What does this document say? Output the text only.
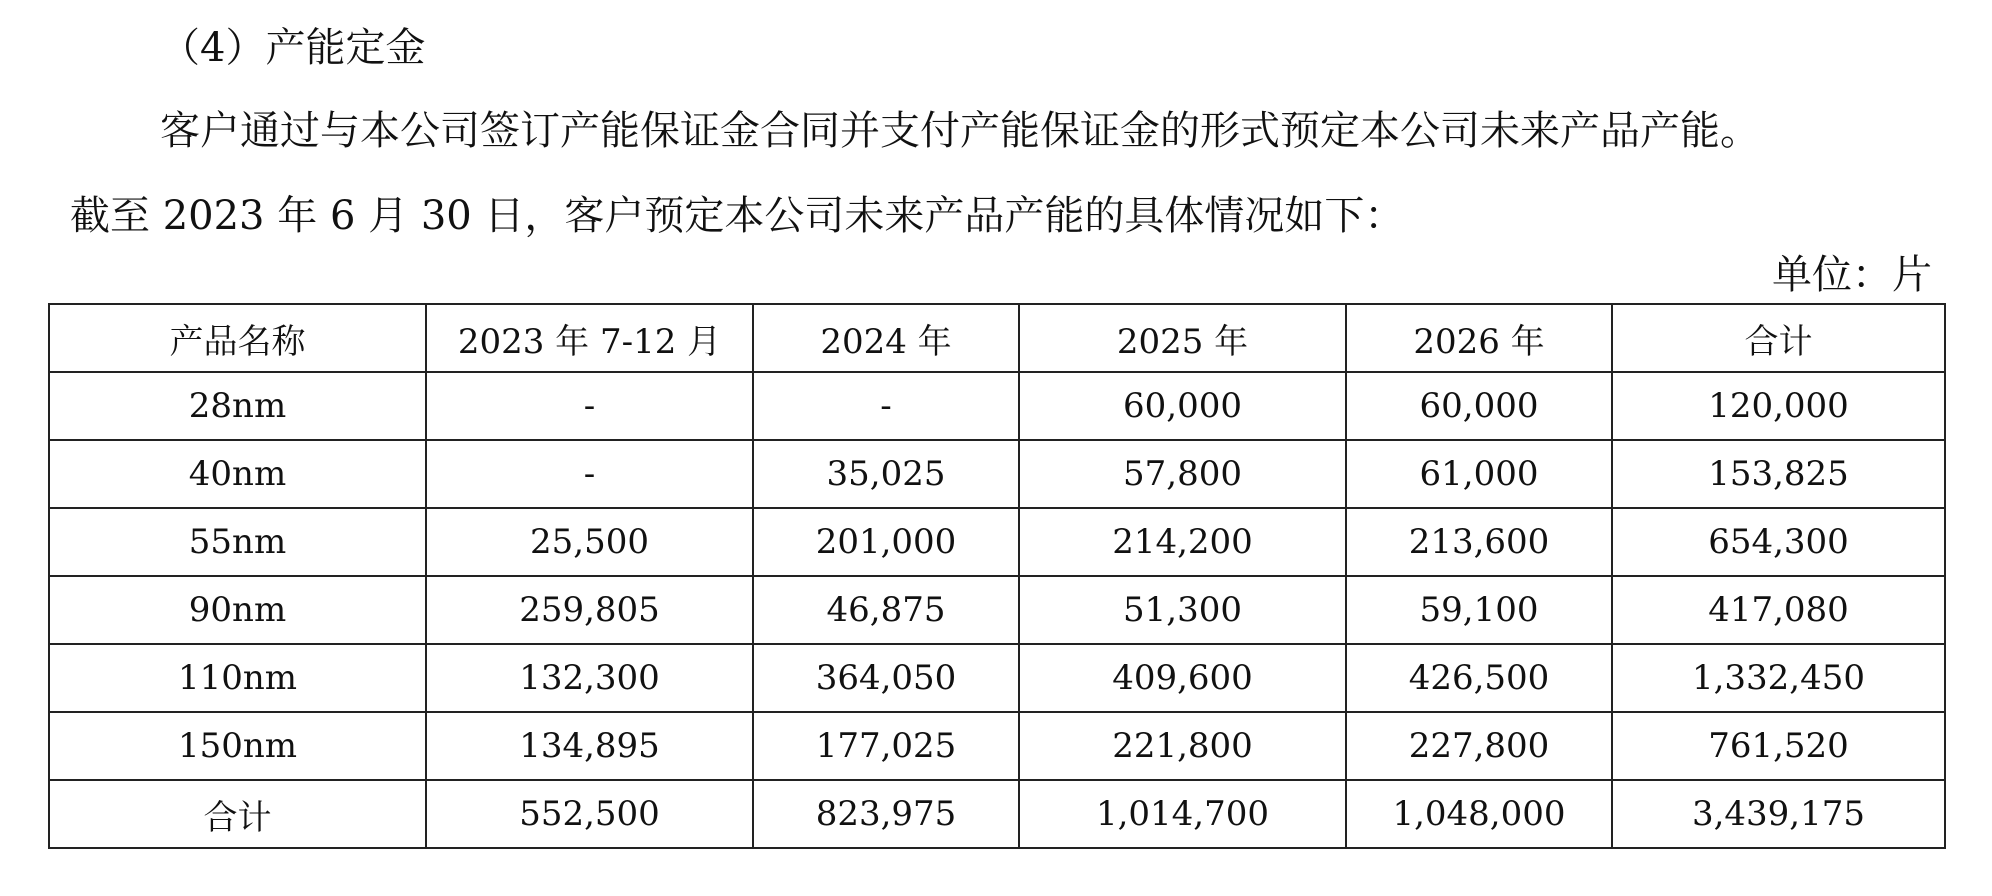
（4）产能定金
客户通过与本公司签订产能保证金合同并支付产能保证金的形式预定本公司未来产品产能。
截至 2023 年 6 月 30 日，客户预定本公司未来产品产能的具体情况如下：
单位：片
产品名称	2023 年 7-12 月	2024 年	2025 年	2026 年	合计
28nm	-	-	60,000	60,000	120,000
40nm	-	35,025	57,800	61,000	153,825
55nm	25,500	201,000	214,200	213,600	654,300
90nm	259,805	46,875	51,300	59,100	417,080
110nm	132,300	364,050	409,600	426,500	1,332,450
150nm	134,895	177,025	221,800	227,800	761,520
合计	552,500	823,975	1,014,700	1,048,000	3,439,175
